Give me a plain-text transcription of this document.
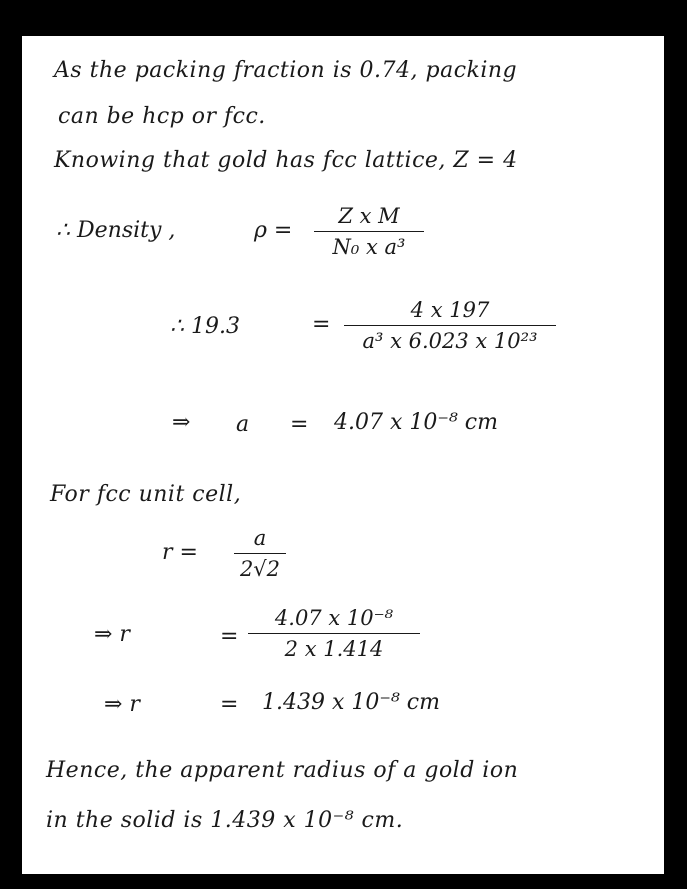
As the packing fraction is 0.74, packing
can be hcp or fcc.
Knowing that gold has fcc lattice, Z = 4
∴ Density ,	ρ =
Z x M
N₀ x a³
∴ 19.3	=
4 x 197
a³ x 6.023 x 10²³
⇒ a = 4.07 x 10⁻⁸ cm
For fcc unit cell,
r =
a
2√2
⇒ r	=
4.07 x 10⁻⁸
2 x 1.414
⇒ r	= 1.439 x 10⁻⁸ cm
Hence, the apparent radius of a gold ion
in the solid is 1.439 x 10⁻⁸ cm.
